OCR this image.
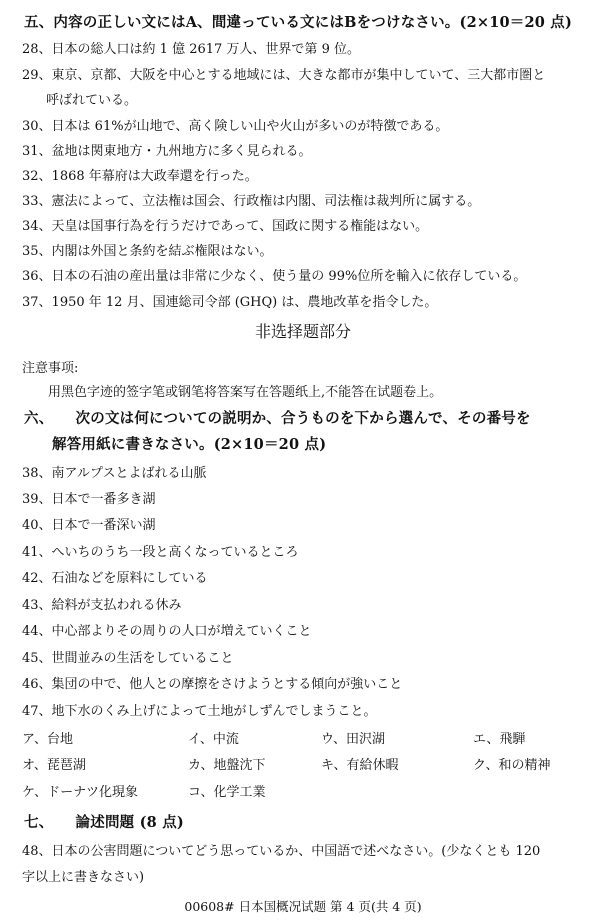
五、内容の正しい文にはA、間違っている文にはBをつけなさい。(2×10＝20 点)
28、日本の総人口は約 1 億 2617 万人、世界で第 9 位。
29、東京、京都、大阪を中心とする地域には、大きな都市が集中していて、三大都市圏と
呼ばれている。
30、日本は 61%が山地で、高く険しい山や火山が多いのが特徴である。
31、盆地は関東地方・九州地方に多く見られる。
32、1868 年幕府は大政奉還を行った。
33、憲法によって、立法権は国会、行政権は内閣、司法権は裁判所に属する。
34、天皇は国事行為を行うだけであって、国政に関する権能はない。
35、内閣は外国と条約を結ぶ権限はない。
36、日本の石油の産出量は非常に少なく、使う量の 99%位所を輸入に依存している。
37、1950 年 12 月、国連総司令部 (GHQ) は、農地改革を指令した。
非选择题部分
注意事项:
用黑色字迹的签字笔或钢笔将答案写在答题纸上,不能答在试题卷上。
六、　　次の文は何についての説明か、合うものを下から選んで、その番号を
解答用紙に書きなさい。(2×10＝20 点)
38、南アルプスとよばれる山脈
39、日本で一番多き湖
40、日本で一番深い湖
41、へいちのうち一段と高くなっているところ
42、石油などを原料にしている
43、給料が支払われる休み
44、中心部よりその周りの人口が増えていくこと
45、世間並みの生活をしていること
46、集団の中で、他人との摩擦をさけようとする傾向が強いこと
47、地下水のくみ上げによって土地がしずんでしまうこと。
ア、台地	イ、中流	ウ、田沢湖	エ、飛騨
オ、琵琶湖	カ、地盤沈下	キ、有給休暇	ク、和の精神
ケ、ドーナツ化現象	コ、化学工業
七、　　論述問題 (8 点)
48、日本の公害問題についてどう思っているか、中国語で述べなさい。(少なくとも 120
字以上に書きなさい)
00608# 日本国概况试题 第 4 页(共 4 页)
